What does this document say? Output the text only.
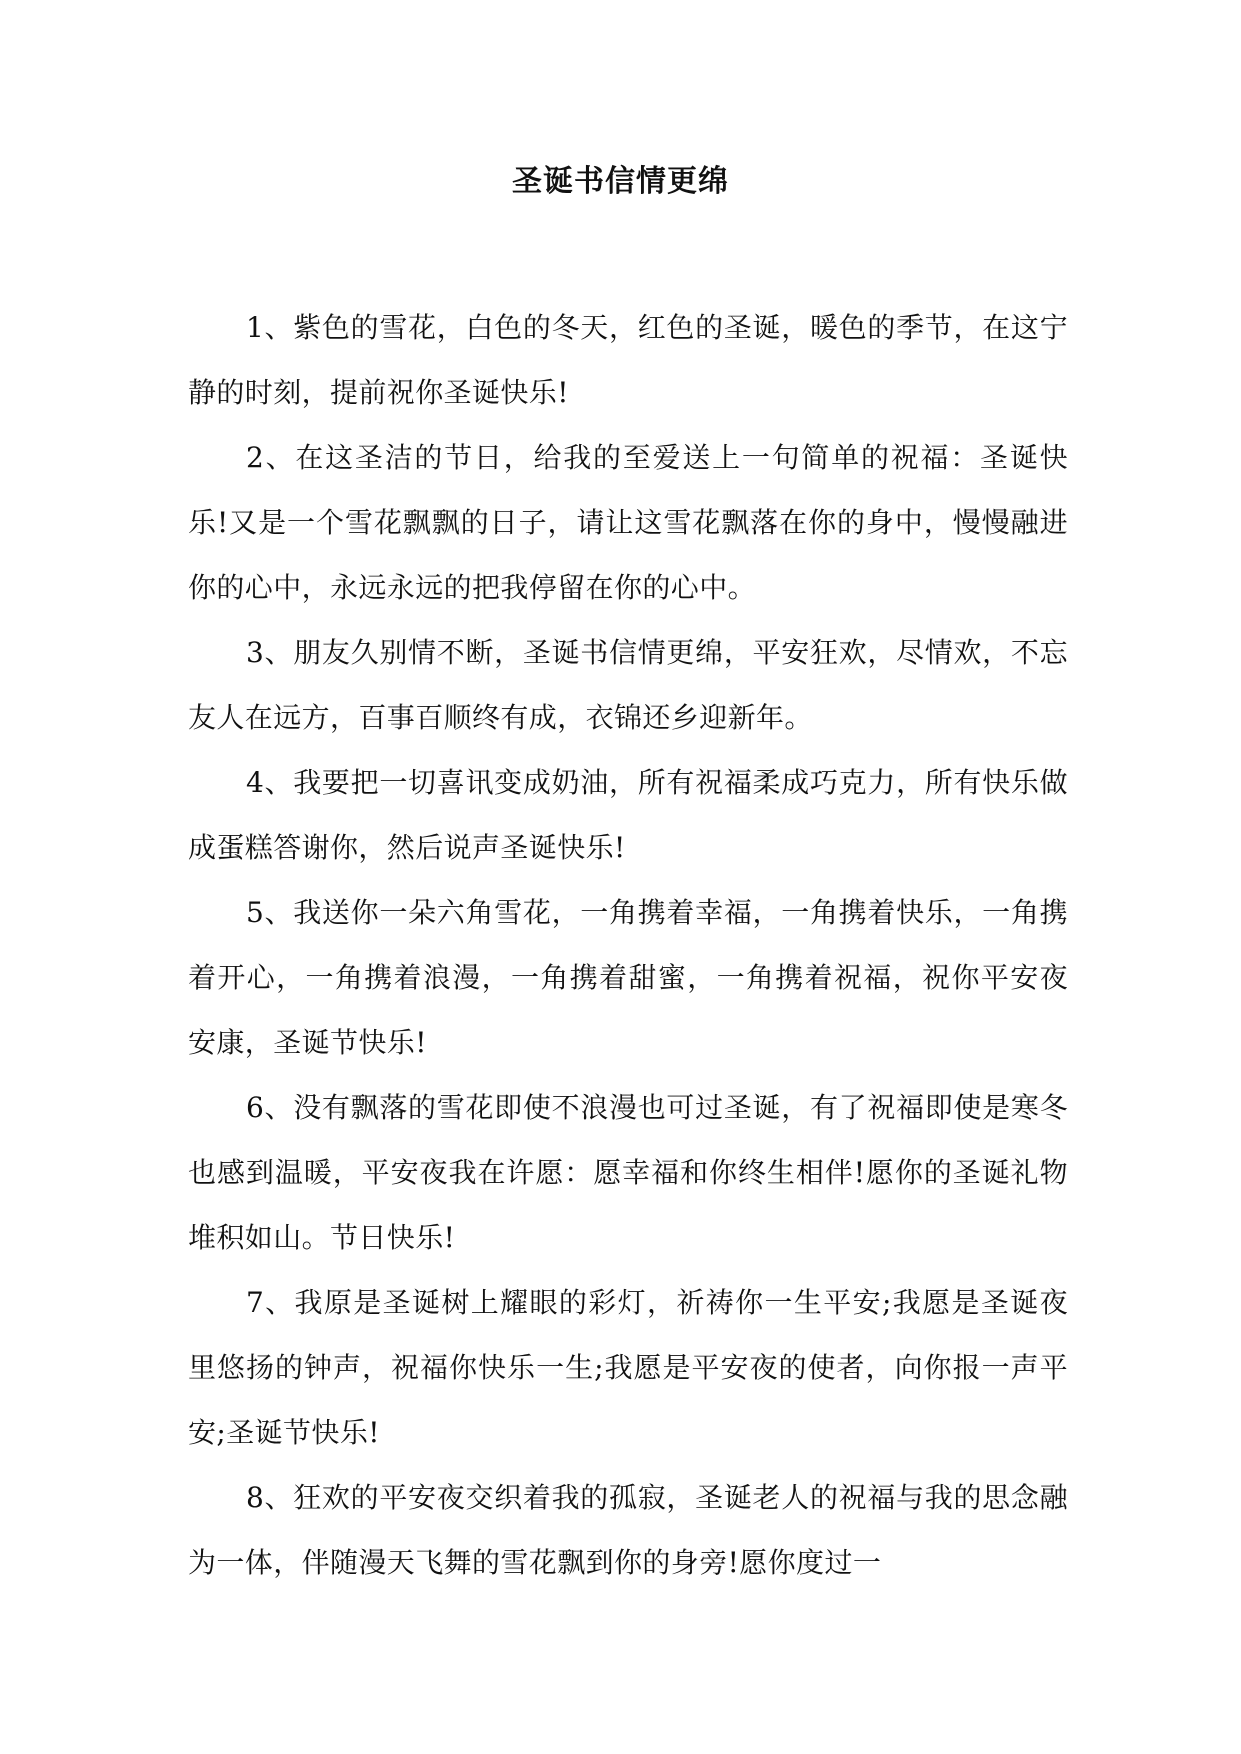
圣诞书信情更绵

1、紫色的雪花，白色的冬天，红色的圣诞，暖色的季节，在这宁静的时刻，提前祝你圣诞快乐!

2、在这圣洁的节日，给我的至爱送上一句简单的祝福：圣诞快乐!又是一个雪花飘飘的日子，请让这雪花飘落在你的身中，慢慢融进你的心中，永远永远的把我停留在你的心中。

3、朋友久别情不断，圣诞书信情更绵，平安狂欢，尽情欢，不忘友人在远方，百事百顺终有成，衣锦还乡迎新年。

4、我要把一切喜讯变成奶油，所有祝福柔成巧克力，所有快乐做成蛋糕答谢你，然后说声圣诞快乐!

5、我送你一朵六角雪花，一角携着幸福，一角携着快乐，一角携着开心，一角携着浪漫，一角携着甜蜜，一角携着祝福，祝你平安夜安康，圣诞节快乐!

6、没有飘落的雪花即使不浪漫也可过圣诞，有了祝福即使是寒冬也感到温暖，平安夜我在许愿：愿幸福和你终生相伴!愿你的圣诞礼物堆积如山。节日快乐!

7、我原是圣诞树上耀眼的彩灯，祈祷你一生平安;我愿是圣诞夜里悠扬的钟声，祝福你快乐一生;我愿是平安夜的使者，向你报一声平安;圣诞节快乐!

8、狂欢的平安夜交织着我的孤寂，圣诞老人的祝福与我的思念融为一体，伴随漫天飞舞的雪花飘到你的身旁!愿你度过一
